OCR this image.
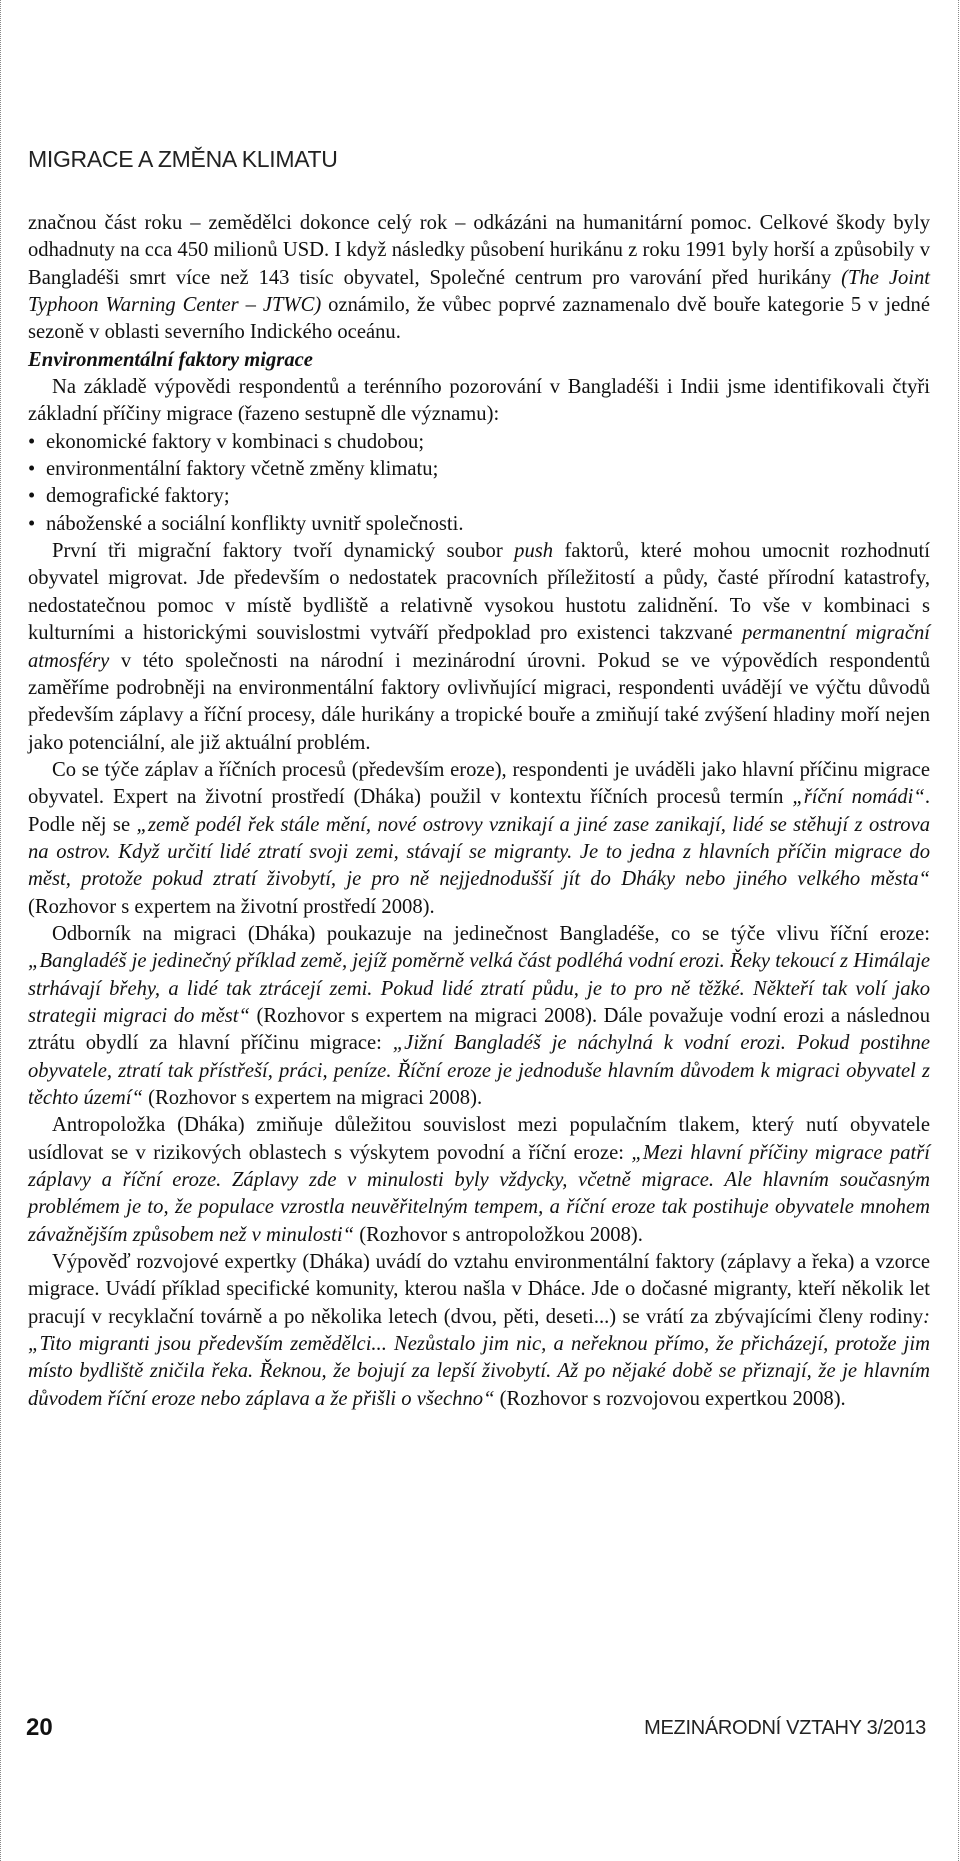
MIGRACE A ZMĚNA KLIMATU

značnou část roku – zemědělci dokonce celý rok – odkázáni na humanitární pomoc. Celkové škody byly odhadnuty na cca 450 milionů USD. I když následky působení hurikánu z roku 1991 byly horší a způsobily v Bangladéši smrt více než 143 tisíc obyvatel, Společné centrum pro varování před hurikány (The Joint Typhoon Warning Center – JTWC) oznámilo, že vůbec poprvé zaznamenalo dvě bouře kategorie 5 v jedné sezoně v oblasti severního Indického oceánu.

Environmentální faktory migrace

Na základě výpovědi respondentů a terénního pozorování v Bangladéši i Indii jsme identifikovali čtyři základní příčiny migrace (řazeno sestupně dle významu):

• ekonomické faktory v kombinaci s chudobou;
• environmentální faktory včetně změny klimatu;
• demografické faktory;
• náboženské a sociální konflikty uvnitř společnosti.

První tři migrační faktory tvoří dynamický soubor push faktorů, které mohou umocnit rozhodnutí obyvatel migrovat. Jde především o nedostatek pracovních příležitostí a půdy, časté přírodní katastrofy, nedostatečnou pomoc v místě bydliště a relativně vysokou hustotu zalidnění. To vše v kombinaci s kulturními a historickými souvislostmi vytváří předpoklad pro existenci takzvané permanentní migrační atmosféry v této společnosti na národní i mezinárodní úrovni. Pokud se ve výpovědích respondentů zaměříme podrobněji na environmentální faktory ovlivňující migraci, respondenti uvádějí ve výčtu důvodů především záplavy a říční procesy, dále hurikány a tropické bouře a zmiňují také zvýšení hladiny moří nejen jako potenciální, ale již aktuální problém.

Co se týče záplav a říčních procesů (především eroze), respondenti je uváděli jako hlavní příčinu migrace obyvatel. Expert na životní prostředí (Dháka) použil v kontextu říčních procesů termín „říční nomádi“. Podle něj se „země podél řek stále mění, nové ostrovy vznikají a jiné zase zanikají, lidé se stěhují z ostrova na ostrov. Když určití lidé ztratí svoji zemi, stávají se migranty. Je to jedna z hlavních příčin migrace do měst, protože pokud ztratí živobytí, je pro ně nejjednodušší jít do Dháky nebo jiného velkého města“ (Rozhovor s expertem na životní prostředí 2008).

Odborník na migraci (Dháka) poukazuje na jedinečnost Bangladéše, co se týče vlivu říční eroze: „Bangladéš je jedinečný příklad země, jejíž poměrně velká část podléhá vodní erozi. Řeky tekoucí z Himálaje strhávají břehy, a lidé tak ztrácejí zemi. Pokud lidé ztratí půdu, je to pro ně těžké. Někteří tak volí jako strategii migraci do měst“ (Rozhovor s expertem na migraci 2008). Dále považuje vodní erozi a následnou ztrátu obydlí za hlavní příčinu migrace: „Jižní Bangladéš je náchylná k vodní erozi. Pokud postihne obyvatele, ztratí tak přístřeší, práci, peníze. Říční eroze je jednoduše hlavním důvodem k migraci obyvatel z těchto území“ (Rozhovor s expertem na migraci 2008).

Antropoložka (Dháka) zmiňuje důležitou souvislost mezi populačním tlakem, který nutí obyvatele usídlovat se v rizikových oblastech s výskytem povodní a říční eroze: „Mezi hlavní příčiny migrace patří záplavy a říční eroze. Záplavy zde v minulosti byly vždycky, včetně migrace. Ale hlavním současným problémem je to, že populace vzrostla neuvěřitelným tempem, a říční eroze tak postihuje obyvatele mnohem závažnějším způsobem než v minulosti“ (Rozhovor s antropoložkou 2008).

Výpověď rozvojové expertky (Dháka) uvádí do vztahu environmentální faktory (záplavy a řeka) a vzorce migrace. Uvádí příklad specifické komunity, kterou našla v Dháce. Jde o dočasné migranty, kteří několik let pracují v recyklační továrně a po několika letech (dvou, pěti, deseti...) se vrátí za zbývajícími členy rodiny: „Tito migranti jsou především zemědělci... Nezůstalo jim nic, a neřeknou přímo, že přicházejí, protože jim místo bydliště zničila řeka. Řeknou, že bojují za lepší živobytí. Až po nějaké době se přiznají, že je hlavním důvodem říční eroze nebo záplava a že přišli o všechno“ (Rozhovor s rozvojovou expertkou 2008).

20	MEZINÁRODNÍ VZTAHY 3/2013
